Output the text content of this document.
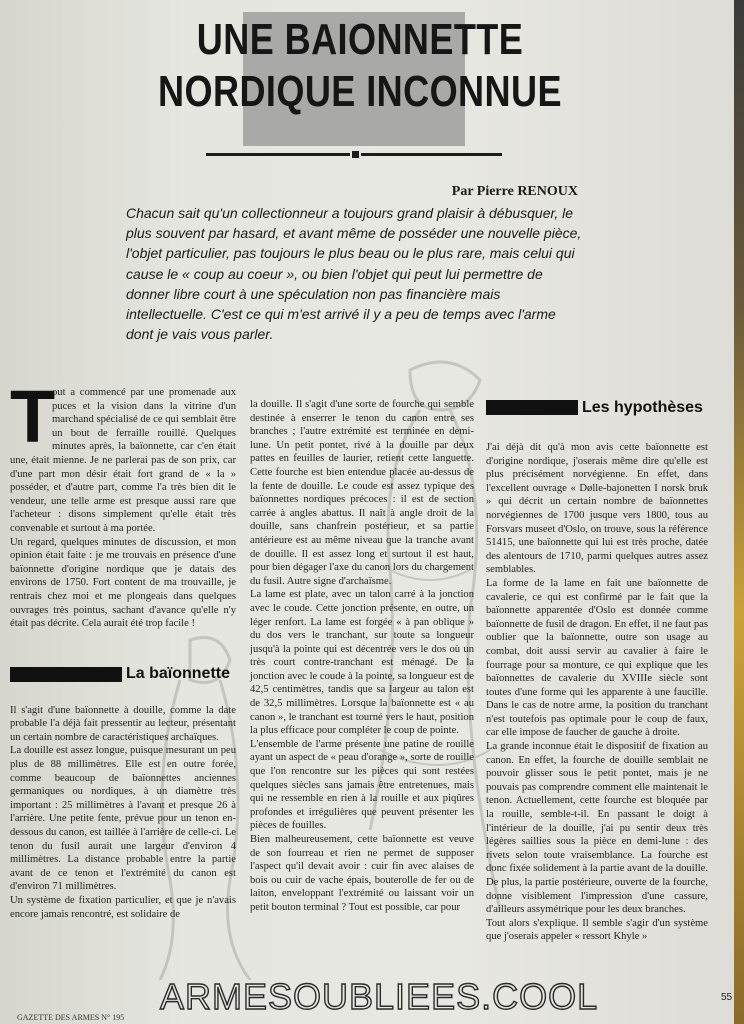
UNE BAIONNETTE
NORDIQUE INCONNUE
Par Pierre RENOUX

Chacun sait qu'un collectionneur a toujours grand plaisir à débusquer, le plus souvent par hasard, et avant même de posséder une nouvelle pièce, l'objet particulier, pas toujours le plus beau ou le plus rare, mais celui qui cause le « coup au coeur », ou bien l'objet qui peut lui permettre de donner libre court à une spéculation non pas financière mais intellectuelle. C'est ce qui m'est arrivé il y a peu de temps avec l'arme dont je vais vous parler.

T
out a commencé par une promenade aux puces et la vision dans la vitrine d'un marchand spécialisé de ce qui semblait être un bout de ferraille rouillé. Quelques minutes après, la baïonnette, car c'en était une, était mienne. Je ne parlerai pas de son prix, car d'une part mon désir était fort grand de « la » posséder, et d'autre part, comme l'a très bien dit le vendeur, une telle arme est presque aussi rare que l'acheteur : disons simplement qu'elle était très convenable et surtout à ma portée.

Un regard, quelques minutes de discussion, et mon opinion était faite : je me trouvais en présence d'une baïonnette d'origine nordique que je datais des environs de 1750. Fort content de ma trouvaille, je rentrais chez moi et me plongeais dans quelques ouvrages très pointus, sachant d'avance qu'elle n'y était pas décrite. Cela aurait été trop facile !

La baïonnette

Il s'agit d'une baïonnette à douille, comme la date probable l'a déjà fait pressentir au lecteur, présentant un certain nombre de caractéristiques archaïques.

La douille est assez longue, puisque mesurant un peu plus de 88 millimètres. Elle est en outre forée, comme beaucoup de baïonnettes anciennes germaniques ou nordiques, à un diamètre très important : 25 millimètres à l'avant et presque 26 à l'arrière. Une petite fente, prévue pour un tenon en-dessous du canon, est taillée à l'arrière de celle-ci. Le tenon du fusil aurait une largeur d'environ 4 millimètres. La distance probable entre la partie avant de ce tenon et l'extrémité du canon est d'environ 71 millimètres.

Un système de fixation particulier, et que je n'avais encore jamais rencontré, est solidaire de

la douille. Il s'agit d'une sorte de fourche qui semble destinée à enserrer le tenon du canon entre ses branches ; l'autre extrémité est terminée en demi-lune. Un petit pontet, rivé à la douille par deux pattes en feuilles de laurier, retient cette languette. Cette fourche est bien entendue placée au-dessus de la fente de douille. Le coude est assez typique des baïonnettes nordiques précoces : il est de section carrée à angles abattus. Il naît à angle droit de la douille, sans chanfrein postérieur, et sa partie antérieure est au même niveau que la tranche avant de douille. Il est assez long et surtout il est haut, pour bien dégager l'axe du canon lors du chargement du fusil. Autre signe d'archaïsme.

La lame est plate, avec un talon carré à la jonction avec le coude. Cette jonction présente, en outre, un léger renfort. La lame est forgée « à pan oblique » du dos vers le tranchant, sur toute sa longueur jusqu'à la pointe qui est décentrée vers le dos où un très court contre-tranchant est ménagé. De la jonction avec le coude à la pointe, sa longueur est de 42,5 centimètres, tandis que sa largeur au talon est de 32,5 millimètres. Lorsque la baïonnette est « au canon », le tranchant est tourné vers le haut, position la plus efficace pour compléter le coup de pointe.

L'ensemble de l'arme présente une patine de rouille ayant un aspect de « peau d'orange », sorte de rouille que l'on rencontre sur les pièces qui sont restées quelques siècles sans jamais être entretenues, mais qui ne ressemble en rien à la rouille et aux piqûres profondes et irrégulières que peuvent présenter les pièces de fouilles.

Bien malheureusement, cette baïonnette est veuve de son fourreau et rien ne permet de supposer l'aspect qu'il devait avoir : cuir fin avec alaises de bois ou cuir de vache épais, bouterolle de fer ou de laiton, enveloppant l'extrémité ou laissant voir un petit bouton terminal ? Tout est possible, car pour

Les hypothèses

J'ai déjà dit qu'à mon avis cette baïonnette est d'origine nordique, j'oserais même dire qu'elle est plus précisément norvégienne. En effet, dans l'excellent ouvrage « Dølle-bajonetten I norsk bruk » qui décrit un certain nombre de baïonnettes norvégiennes de 1700 jusque vers 1800, tous au Forsvars museet d'Oslo, on trouve, sous la référence 51415, une baïonnette qui lui est très proche, datée des alentours de 1710, parmi quelques autres assez semblables.

La forme de la lame en fait une baïonnette de cavalerie, ce qui est confirmé par le fait que la baïonnette apparentée d'Oslo est donnée comme baïonnette de fusil de dragon. En effet, il ne faut pas oublier que la baïonnette, outre son usage au combat, doit aussi servir au cavalier à faire le fourrage pour sa monture, ce qui explique que les baïonnettes de cavalerie du XVIIIe siècle sont toutes d'une forme qui les apparente à une faucille. Dans le cas de notre arme, la position du tranchant n'est toutefois pas optimale pour le coup de faux, car elle impose de faucher de gauche à droite.

La grande inconnue était le dispositif de fixation au canon. En effet, la fourche de douille semblait ne pouvoir glisser sous le petit pontet, mais je ne pouvais pas comprendre comment elle maintenait le tenon. Actuellement, cette fourche est bloquée par la rouille, semble-t-il. En passant le doigt à l'intérieur de la douille, j'ai pu sentir deux très légères saillies sous la pièce en demi-lune : des rivets selon toute vraisemblance. La fourche est donc fixée solidement à la partie avant de la douille. De plus, la partie postérieure, ouverte de la fourche, donne visiblement l'impression d'une cassure, d'ailleurs assymétrique pour les deux branches.

Tout alors s'explique. Il semble s'agir d'un système que j'oserais appeler « ressort Khyle »

GAZETTE DES ARMES N° 195
ARMESOUBLIEES.COOL	55
